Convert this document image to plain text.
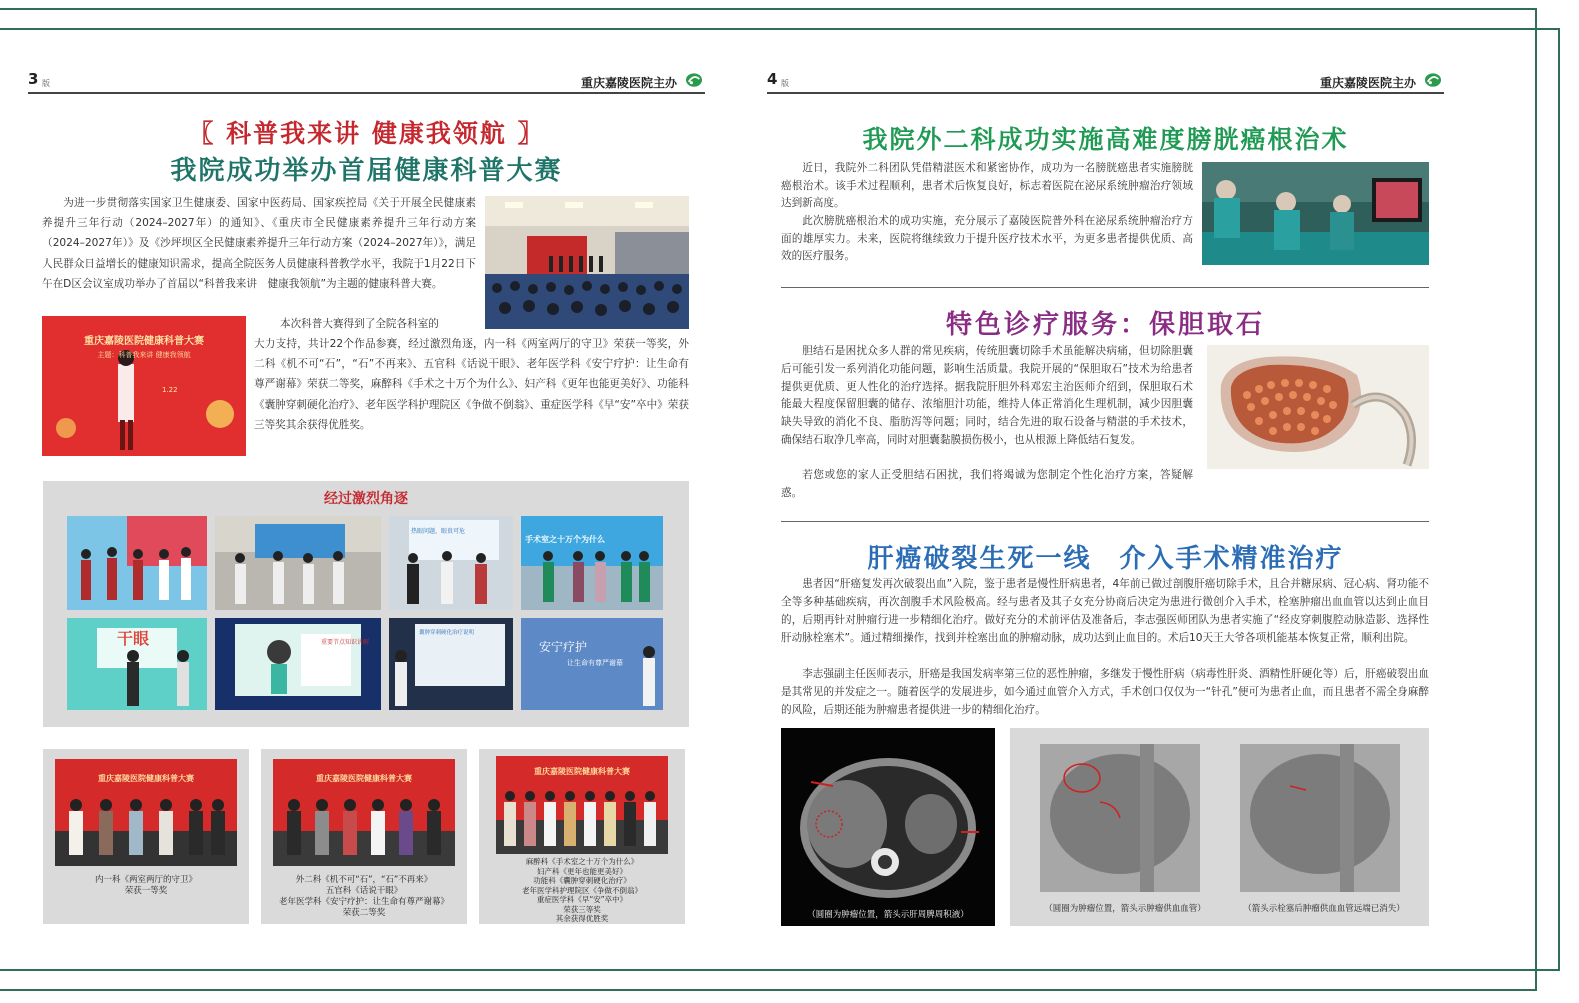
3 版	重庆嘉陵医院主办
〖 科普我来讲 健康我领航 〗
我院成功举办首届健康科普大赛

为进一步贯彻落实国家卫生健康委、国家中医药局、国家疾控局《关于开展全民健康素养提升三年行动（2024–2027年）的通知》、《重庆市全民健康素养提升三年行动方案（2024–2027年）》及《沙坪坝区全民健康素养提升三年行动方案（2024–2027年）》，满足人民群众日益增长的健康知识需求，提高全院医务人员健康科普教学水平，我院于1月22日下午在D区会议室成功举办了首届以“科普我来讲　健康我领航”为主题的健康科普大赛。

重庆嘉陵医院健康科普大赛
主题：科普我来讲 健康我领航
1.22

本次科普大赛得到了全院各科室的

大力支持，共计22个作品参赛，经过激烈角逐，内一科《两室两厅的守卫》荣获一等奖，外二科《机不可“石”，“石”不再来》、五官科《话说干眼》、老年医学科《安宁疗护：让生命有尊严谢幕》荣获二等奖，麻醉科《手术之十万个为什么》、妇产科《更年也能更美好》、功能科《囊肿穿刺硬化治疗》、老年医学科护理院区《争做不倒翁》、重症医学科《早“安”卒中》荣获三等奖其余获得优胜奖。

经过激烈角逐
热眼问题，眼贵可危
手术室之十万个为什么
干眼	重要节点知识讲解
囊肿穿刺硬化治疗说明
安宁疗护
让生命有尊严谢幕
重庆嘉陵医院健康科普大赛
内一科《两室两厅的守卫》
荣获一等奖
重庆嘉陵医院健康科普大赛
外二科《机不可“石”，“石”不再来》
五官科《话说干眼》
老年医学科《安宁疗护：让生命有尊严谢幕》
荣获二等奖
重庆嘉陵医院健康科普大赛
麻醉科《手术室之十万个为什么》
妇产科《更年也能更美好》
功能科《囊肿穿刺硬化治疗》
老年医学科护理院区《争做不倒翁》
重症医学科《早“安”卒中》
荣获三等奖
其余获得优胜奖
4 版	重庆嘉陵医院主办
我院外二科成功实施高难度膀胱癌根治术

近日，我院外二科团队凭借精湛医术和紧密协作，成功为一名膀胱癌患者实施膀胱癌根治术。该手术过程顺利，患者术后恢复良好，标志着医院在泌尿系统肿瘤治疗领域达到新高度。

此次膀胱癌根治术的成功实施，充分展示了嘉陵医院普外科在泌尿系统肿瘤治疗方面的雄厚实力。未来，医院将继续致力于提升医疗技术水平，为更多患者提供优质、高效的医疗服务。

特色诊疗服务：保胆取石

胆结石是困扰众多人群的常见疾病，传统胆囊切除手术虽能解决病痛，但切除胆囊后可能引发一系列消化功能问题，影响生活质量。我院开展的“保胆取石”技术为给患者提供更优质、更人性化的治疗选择。据我院肝胆外科邓宏主治医师介绍到，保胆取石术能最大程度保留胆囊的储存、浓缩胆汁功能，维持人体正常消化生理机制，减少因胆囊缺失导致的消化不良、脂肪泻等问题；同时，结合先进的取石设备与精湛的手术技术，确保结石取净几率高，同时对胆囊黏膜损伤极小，也从根源上降低结石复发。

若您或您的家人正受胆结石困扰，我们将竭诚为您制定个性化治疗方案，答疑解惑。

肝癌破裂生死一线　介入手术精准治疗

患者因“肝癌复发再次破裂出血”入院，鉴于患者是慢性肝病患者，4年前已做过剖腹肝癌切除手术，且合并糖尿病、冠心病、肾功能不全等多种基础疾病，再次剖腹手术风险极高。经与患者及其子女充分协商后决定为患进行微创介入手术，栓塞肿瘤出血血管以达到止血目的，后期再针对肿瘤行进一步精细化治疗。做好充分的术前评估及准备后，李志强医师团队为患者实施了“经皮穿刺腹腔动脉造影、选择性肝动脉栓塞术”。通过精细操作，找到并栓塞出血的肿瘤动脉，成功达到止血目的。术后10天王大爷各项机能基本恢复正常，顺利出院。

李志强副主任医师表示，肝癌是我国发病率第三位的恶性肿瘤，多继发于慢性肝病（病毒性肝炎、酒精性肝硬化等）后，肝癌破裂出血是其常见的并发症之一。随着医学的发展进步，如今通过血管介入方式，手术创口仅仅为一“针孔”便可为患者止血，而且患者不需全身麻醉的风险，后期还能为肿瘤患者提供进一步的精细化治疗。

（圆圈为肿瘤位置，箭头示肝周脾周积液）
（圆圈为肿瘤位置，箭头示肿瘤供血血管）	（箭头示栓塞后肿瘤供血血管远端已消失）
